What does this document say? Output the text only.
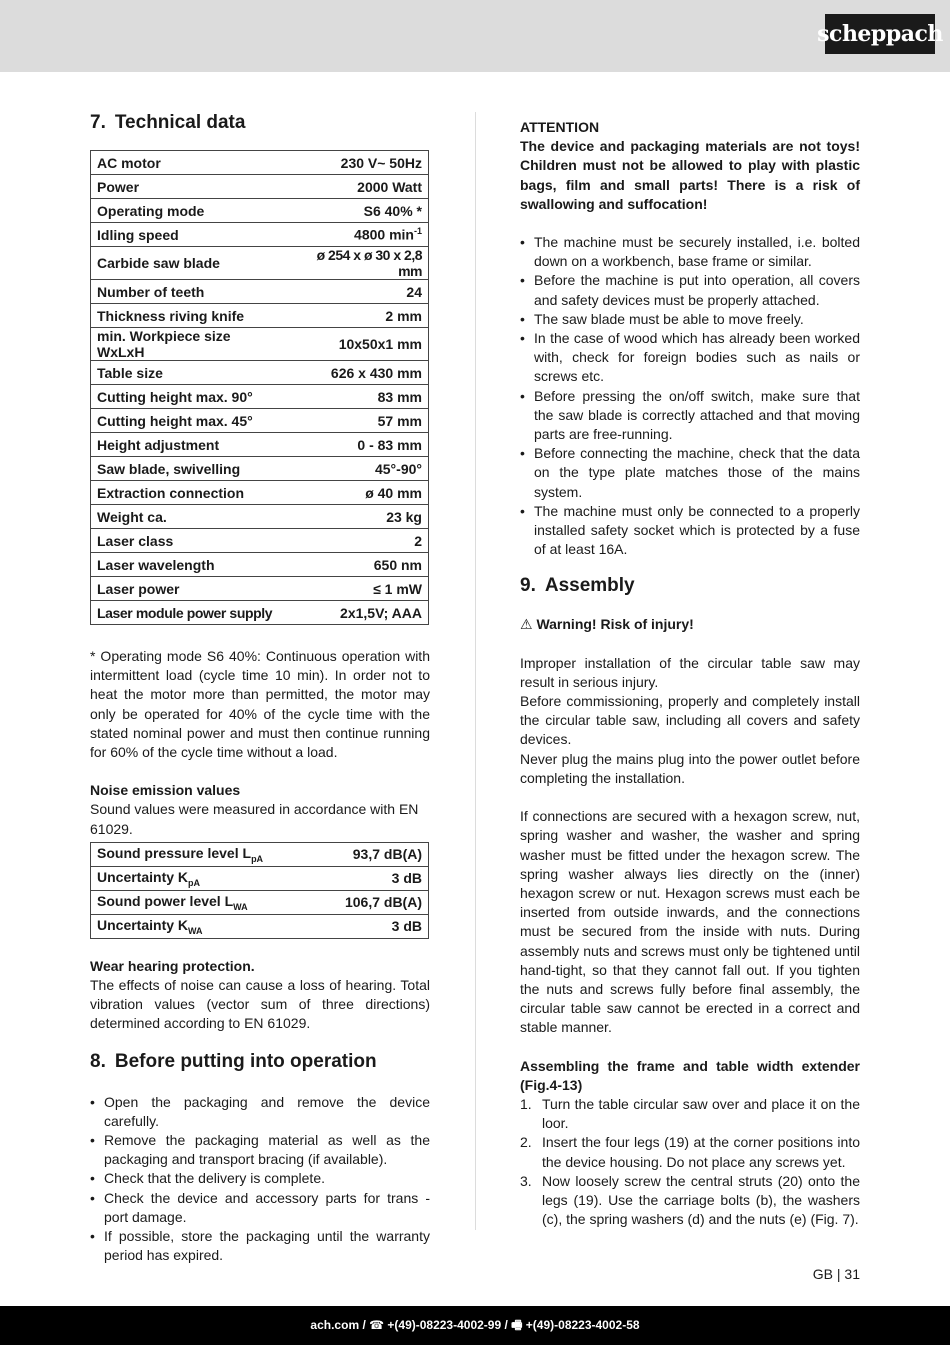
scheppach
7. Technical data
AC motor	230 V~ 50Hz
Power	2000 Watt
Operating mode	S6 40% *
Idling speed	4800 $\min^{-1}$
Carbide saw blade	ø 254 x ø 30 x 2,8 mm
Number of teeth	24
Thickness riving knife	2 mm
min. Workpiece size WxLxH	10x50x1 mm
Table size	626 x 430 mm
Cutting height max. 90°	83 mm
Cutting height max. 45°	57 mm
Height adjustment	0 - 83 mm
Saw blade, swivelling	45°-90°
Extraction connection	ø 40 mm
Weight ca.	23 kg
Laser class	2
Laser wavelength	650 nm
Laser power	≤ 1 mW
Laser module power supply	2x1,5V; AAA

* Operating mode S6 40%: Continuous operation with intermittent load (cycle time 10 min). In order not to heat the motor more than permitted, the motor may only be operated for 40% of the cycle time with the stated nominal power and must then continue running for 60% of the cycle time without a load.

Noise emission values

Sound values were measured in accordance with EN 61029.

Sound pressure level $L_{pA}$	93,7 dB(A)
Uncertainty $K_{pA}$	3 dB
Sound power level $L_{WA}$	106,7 dB(A)
Uncertainty $K_{WA}$	3 dB

Wear hearing protection.

The effects of noise can cause a loss of hearing. Total vibration values (vector sum of three directions) determined according to EN 61029.

8. Before putting into operation
• Open the packaging and remove the device carefully.
• Remove the packaging material as well as the packaging and transport bracing (if available).
• Check that the delivery is complete.
• Check the device and accessory parts for trans - port damage.
• If possible, store the packaging until the warranty period has expired.

ATTENTION

The device and packaging materials are not toys! Children must not be allowed to play with plastic bags, film and small parts! There is a risk of swallowing and suffocation!

• The machine must be securely installed, i.e. bolted down on a workbench, base frame or similar.
• Before the machine is put into operation, all covers and safety devices must be properly attached.
• The saw blade must be able to move freely.
• In the case of wood which has already been worked with, check for foreign bodies such as nails or screws etc.
• Before pressing the on/off switch, make sure that the saw blade is correctly attached and that moving parts are free-running.
• Before connecting the machine, check that the data on the type plate matches those of the mains system.
• The machine must only be connected to a properly installed safety socket which is protected by a fuse of at least 16A.
9. Assembly

⚠ Warning! Risk of injury!

Improper installation of the circular table saw may result in serious injury.

Before commissioning, properly and completely install the circular table saw, including all covers and safety devices.

Never plug the mains plug into the power outlet before completing the installation.

If connections are secured with a hexagon screw, nut, spring washer and washer, the washer and spring washer must be fitted under the hexagon screw. The spring washer always lies directly on the (inner) hexagon screw or nut. Hexagon screws must each be inserted from outside inwards, and the connections must be secured from the inside with nuts. During assembly nuts and screws must only be tightened until hand-tight, so that they cannot fall out. If you tighten the nuts and screws fully before final assembly, the circular table saw cannot be erected in a correct and stable manner.

Assembling the frame and table width extender (Fig.4-13)

1. Turn the table circular saw over and place it on the loor.
2. Insert the four legs (19) at the corner positions into the device housing. Do not place any screws yet.
3. Now loosely screw the central struts (20) onto the legs (19). Use the carriage bolts (b), the washers (c), the spring washers (d) and the nuts (e) (Fig. 7).
GB | 31
ach.com / ☎ +(49)-08223-4002-99 / 🖷 +(49)-08223-4002-58
